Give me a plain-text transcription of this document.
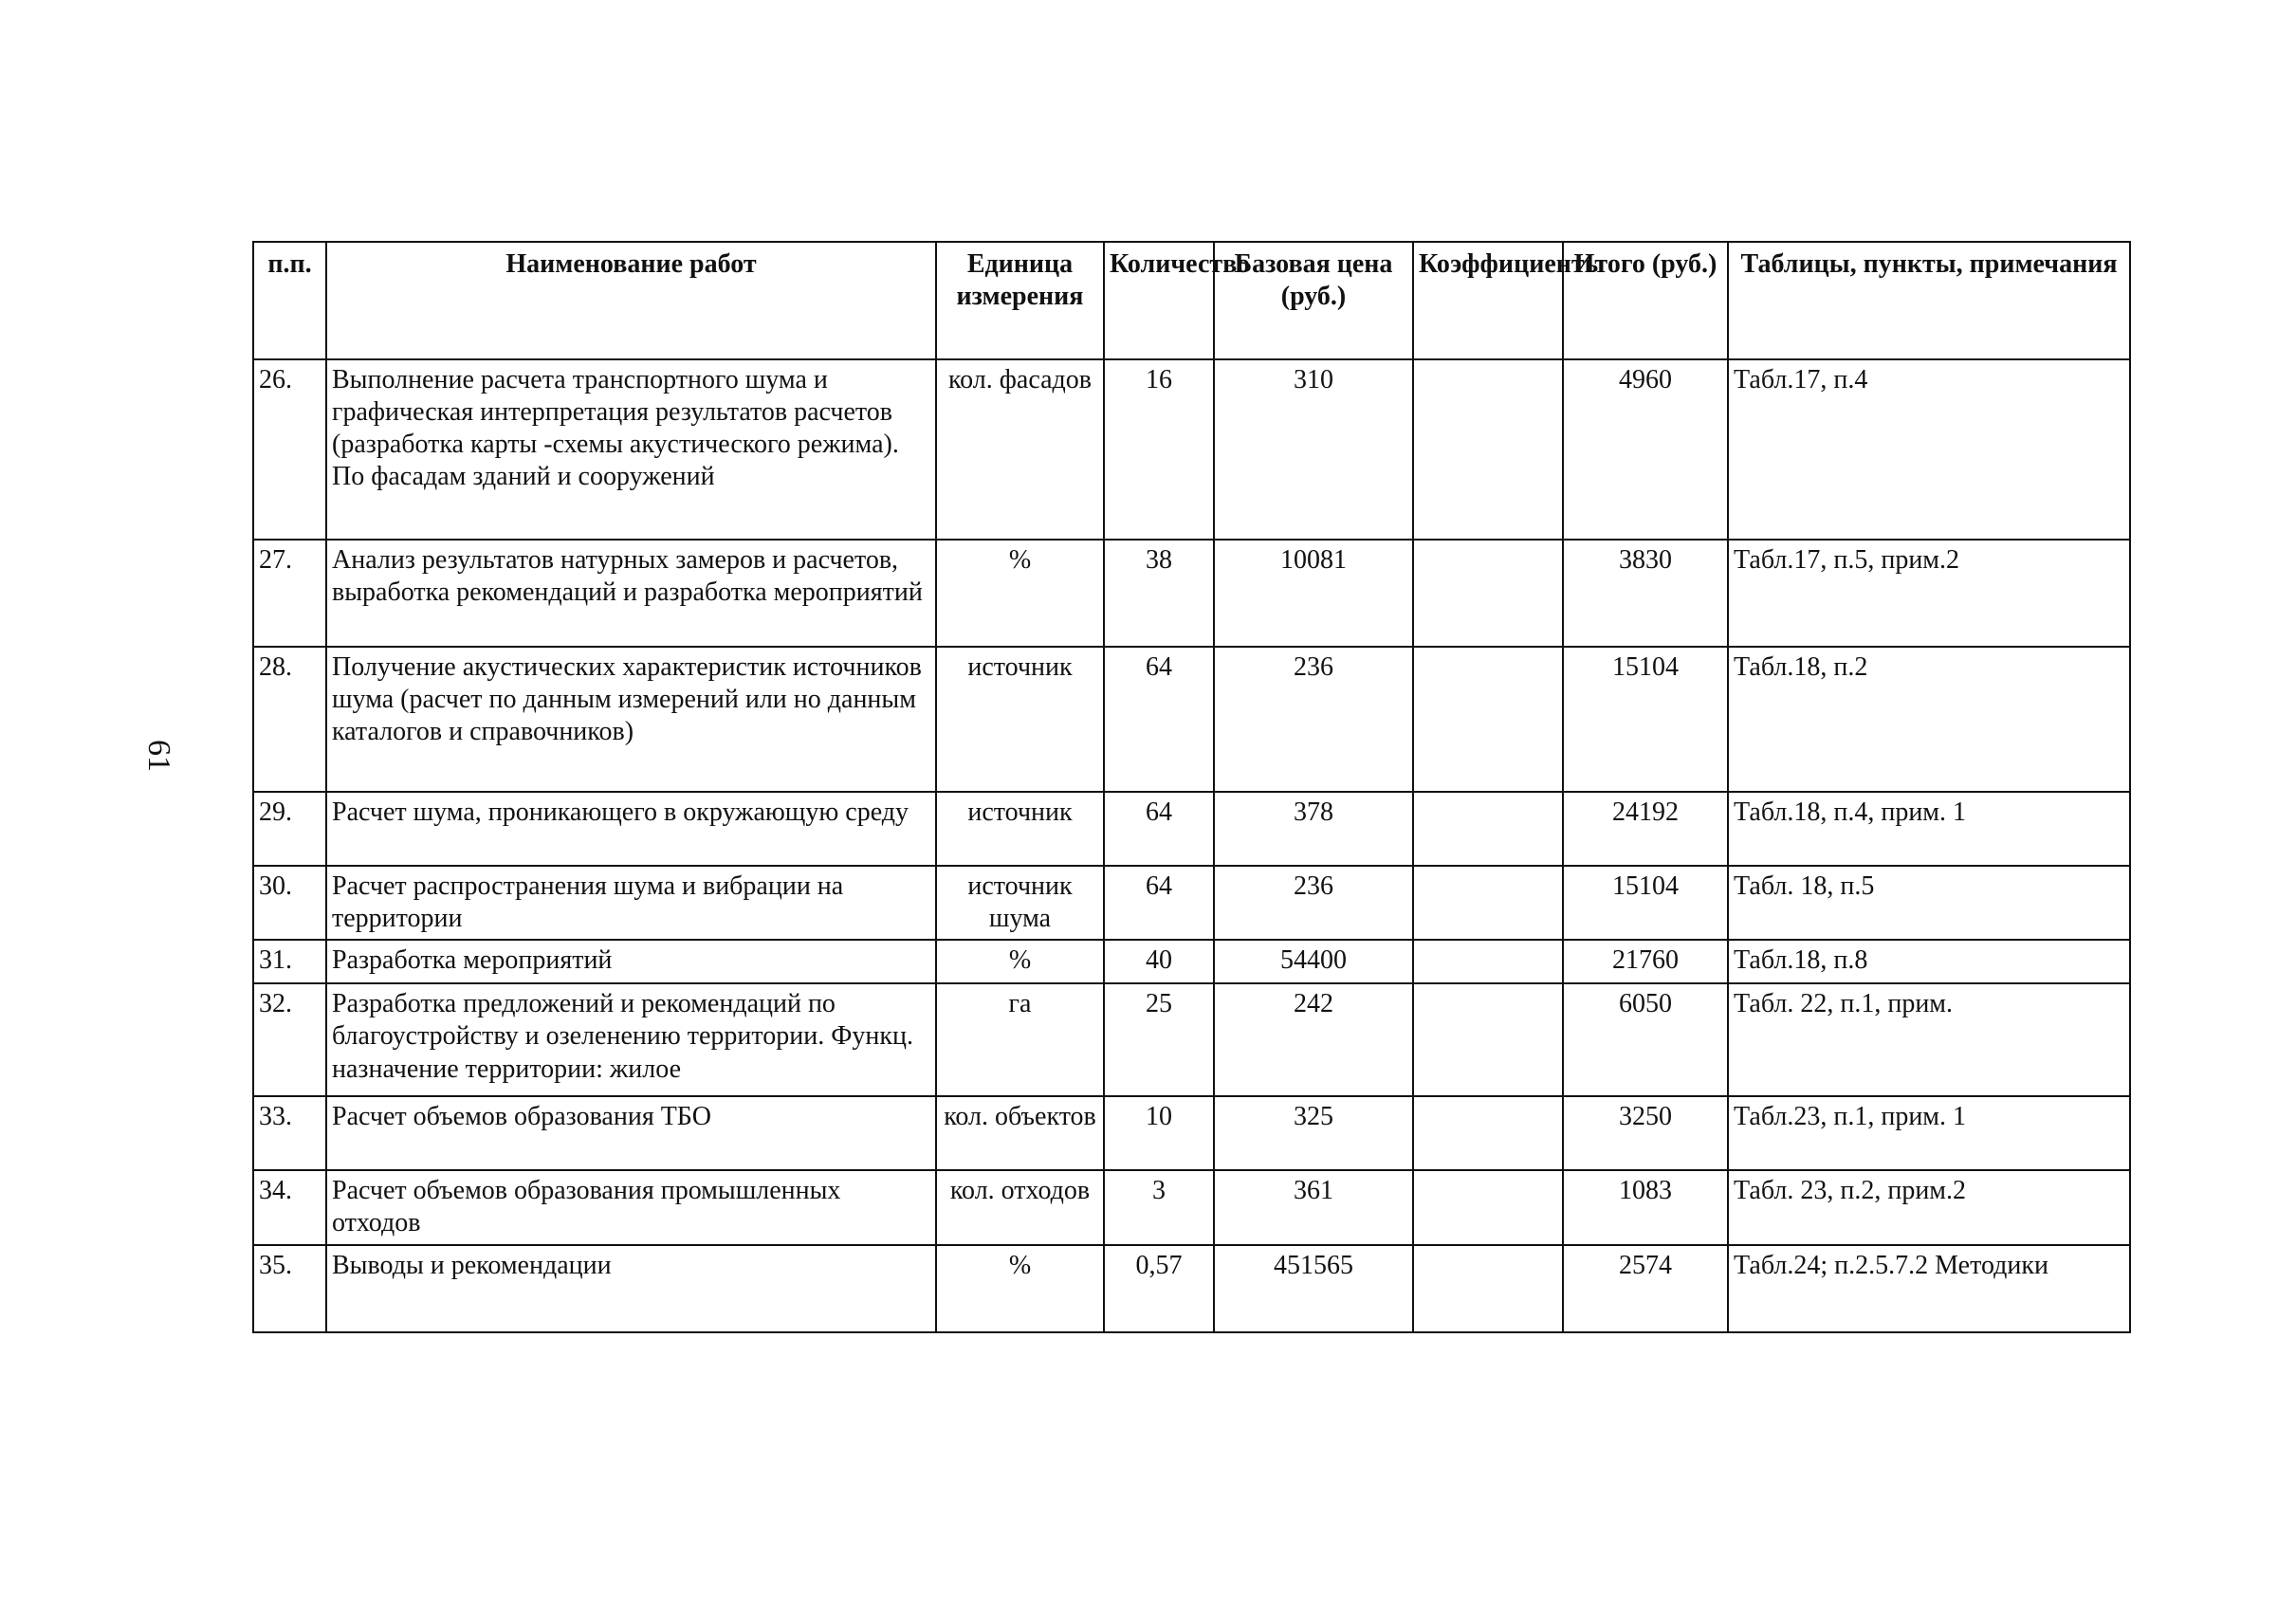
61
п.п.	Наименование работ	Единица измерения	Количество	Базовая цена (руб.)	Коэффициенты	Итого (руб.)	Таблицы, пункты, примечания
26.	Выполнение расчета транспортного шума и графическая интерпретация результатов расчетов (разработка карты -схемы акустического режима). По фасадам зданий и сооружений	кол. фасадов	16	310		4960	Табл.17, п.4
27.	Анализ результатов натурных замеров и расчетов, выработка рекомендаций и разработка мероприятий	%	38	10081		3830	Табл.17, п.5, прим.2
28.	Получение акустических характеристик источников шума (расчет по данным измерений или но данным каталогов и справочников)	источник	64	236		15104	Табл.18, п.2
29.	Расчет шума, проникающего в окружающую среду	источник	64	378		24192	Табл.18, п.4, прим. 1
30.	Расчет распространения шума и вибрации на территории	источник шума	64	236		15104	Табл. 18, п.5
31.	Разработка мероприятий	%	40	54400		21760	Табл.18, п.8
32.	Разработка предложений и рекомендаций по благоустройству и озеленению территории. Функц. назначение территории: жилое	га	25	242		6050	Табл. 22, п.1, прим.
33.	Расчет объемов образования ТБО	кол. объектов	10	325		3250	Табл.23, п.1, прим. 1
34.	Расчет объемов образования промышленных отходов	кол. отходов	3	361		1083	Табл. 23, п.2, прим.2
35.	Выводы и рекомендации	%	0,57	451565		2574	Табл.24; п.2.5.7.2 Методики
